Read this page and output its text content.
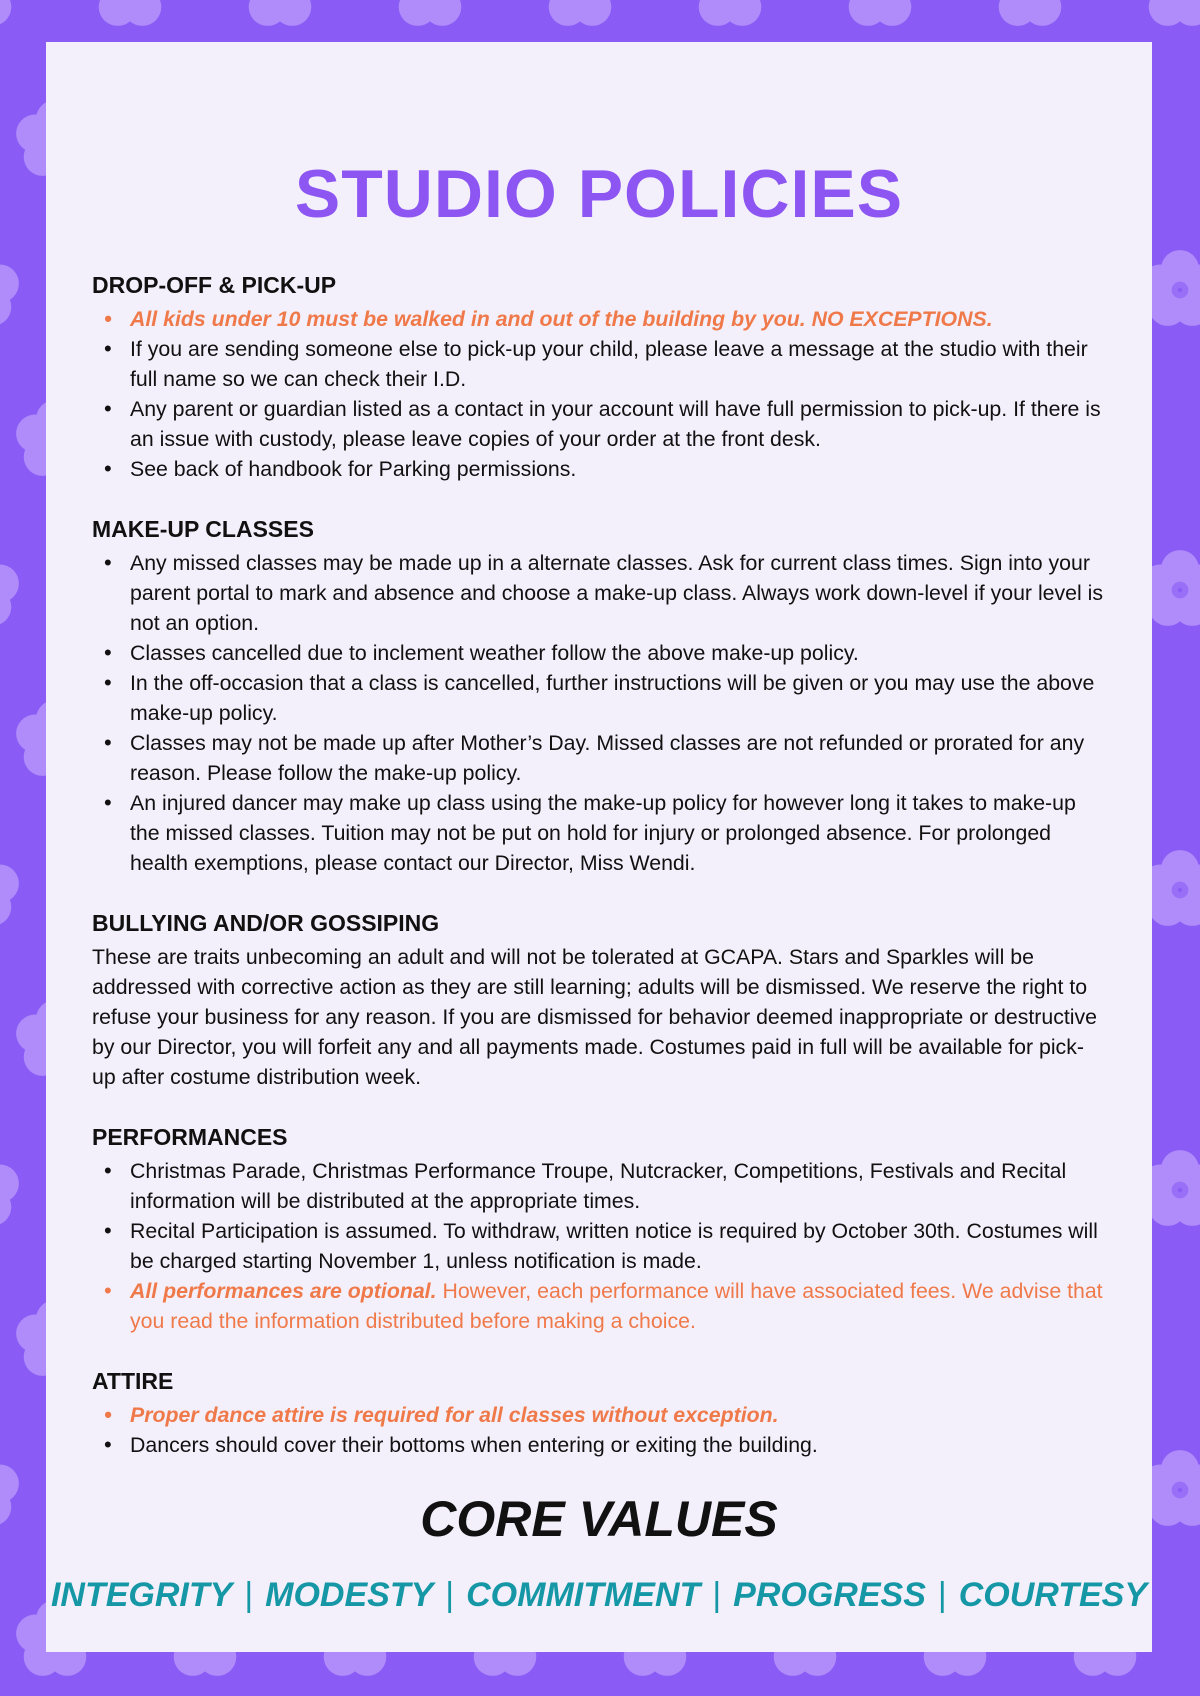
STUDIO POLICIES
DROP-OFF & PICK-UP
• All kids under 10 must be walked in and out of the building by you. NO EXCEPTIONS.
• If you are sending someone else to pick-up your child, please leave a message at the studio with their full name so we can check their I.D.
• Any parent or guardian listed as a contact in your account will have full permission to pick-up. If there is an issue with custody, please leave copies of your order at the front desk.
• See back of handbook for Parking permissions.
MAKE-UP CLASSES
• Any missed classes may be made up in a alternate classes. Ask for current class times. Sign into your parent portal to mark and absence and choose a make-up class. Always work down-level if your level is not an option.
• Classes cancelled due to inclement weather follow the above make-up policy.
• In the off-occasion that a class is cancelled, further instructions will be given or you may use the above make-up policy.
• Classes may not be made up after Mother’s Day. Missed classes are not refunded or prorated for any reason. Please follow the make-up policy.
• An injured dancer may make up class using the make-up policy for however long it takes to make-up the missed classes. Tuition may not be put on hold for injury or prolonged absence. For prolonged health exemptions, please contact our Director, Miss Wendi.
BULLYING AND/OR GOSSIPING

These are traits unbecoming an adult and will not be tolerated at GCAPA. Stars and Sparkles will be addressed with corrective action as they are still learning; adults will be dismissed. We reserve the right to refuse your business for any reason. If you are dismissed for behavior deemed inappropriate or destructive by our Director, you will forfeit any and all payments made. Costumes paid in full will be available for pick-up after costume distribution week.

PERFORMANCES
• Christmas Parade, Christmas Performance Troupe, Nutcracker, Competitions, Festivals and Recital information will be distributed at the appropriate times.
• Recital Participation is assumed. To withdraw, written notice is required by October 30th. Costumes will be charged starting November 1, unless notification is made.
• All performances are optional. However, each performance will have associated fees. We advise that you read the information distributed before making a choice.
ATTIRE
• Proper dance attire is required for all classes without exception.
• Dancers should cover their bottoms when entering or exiting the building.
CORE VALUES
INTEGRITY | MODESTY | COMMITMENT | PROGRESS | COURTESY
